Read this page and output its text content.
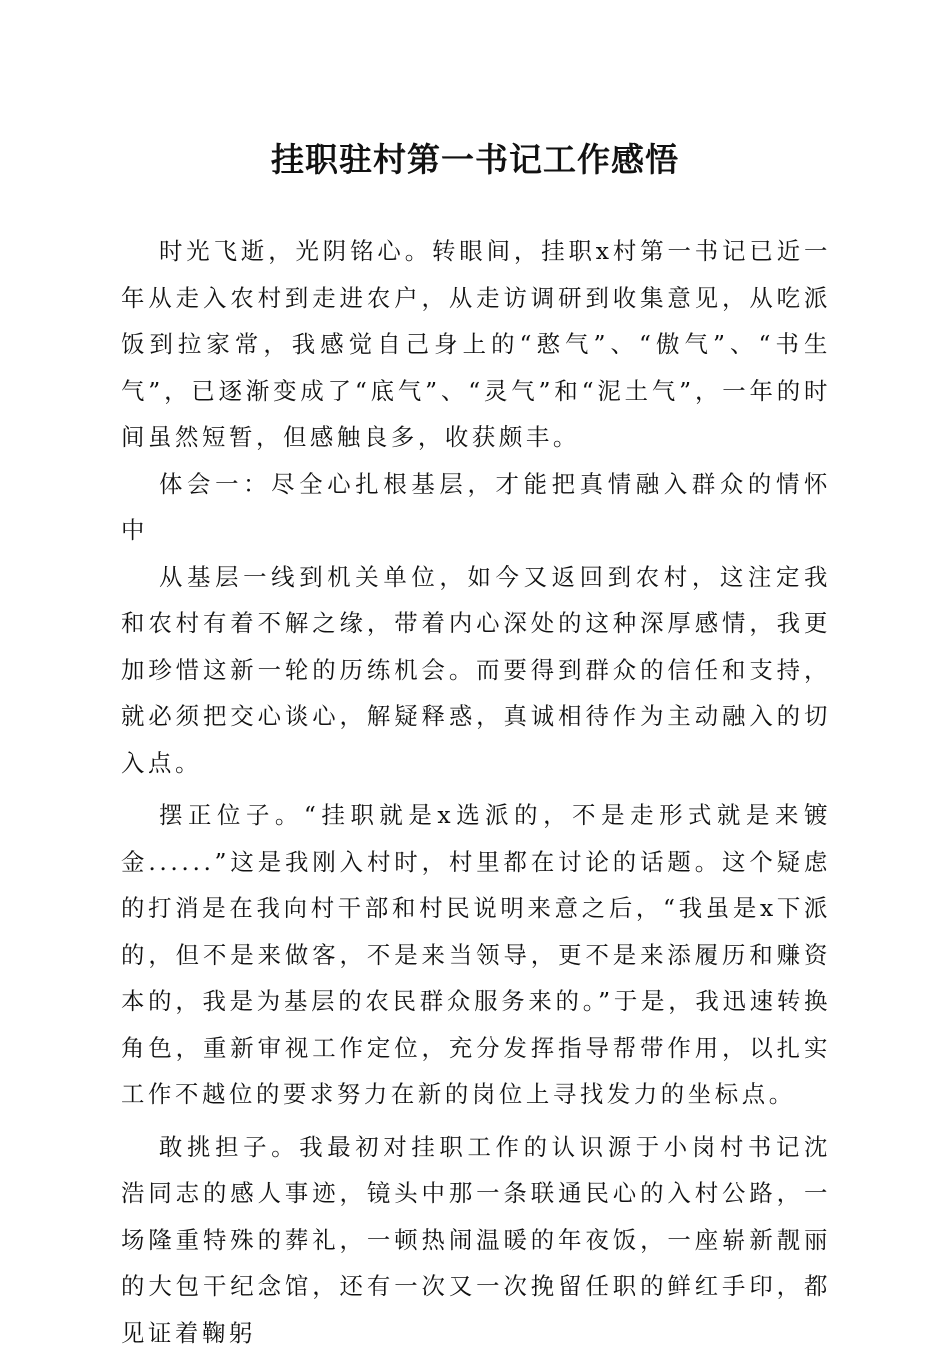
挂职驻村第一书记工作感悟

时光飞逝，光阴铭心。转眼间，挂职x村第一书记已近一年从走入农村到走进农户，从走访调研到收集意见，从吃派饭到拉家常，我感觉自己身上的“憨气”、“傲气”、“书生气”，已逐渐变成了“底气”、“灵气”和“泥土气”，一年的时间虽然短暂，但感触良多，收获颇丰。

体会一：尽全心扎根基层，才能把真情融入群众的情怀中

从基层一线到机关单位，如今又返回到农村，这注定我和农村有着不解之缘，带着内心深处的这种深厚感情，我更加珍惜这新一轮的历练机会。而要得到群众的信任和支持，就必须把交心谈心，解疑释惑，真诚相待作为主动融入的切入点。

摆正位子。“挂职就是x选派的，不是走形式就是来镀金......”这是我刚入村时，村里都在讨论的话题。这个疑虑的打消是在我向村干部和村民说明来意之后，“我虽是x下派的，但不是来做客，不是来当领导，更不是来添履历和赚资本的，我是为基层的农民群众服务来的。”于是，我迅速转换角色，重新审视工作定位，充分发挥指导帮带作用，以扎实工作不越位的要求努力在新的岗位上寻找发力的坐标点。

敢挑担子。我最初对挂职工作的认识源于小岗村书记沈浩同志的感人事迹，镜头中那一条联通民心的入村公路，一场隆重特殊的葬礼，一顿热闹温暖的年夜饭，一座崭新靓丽的大包干纪念馆，还有一次又一次挽留任职的鲜红手印，都见证着鞠躬
